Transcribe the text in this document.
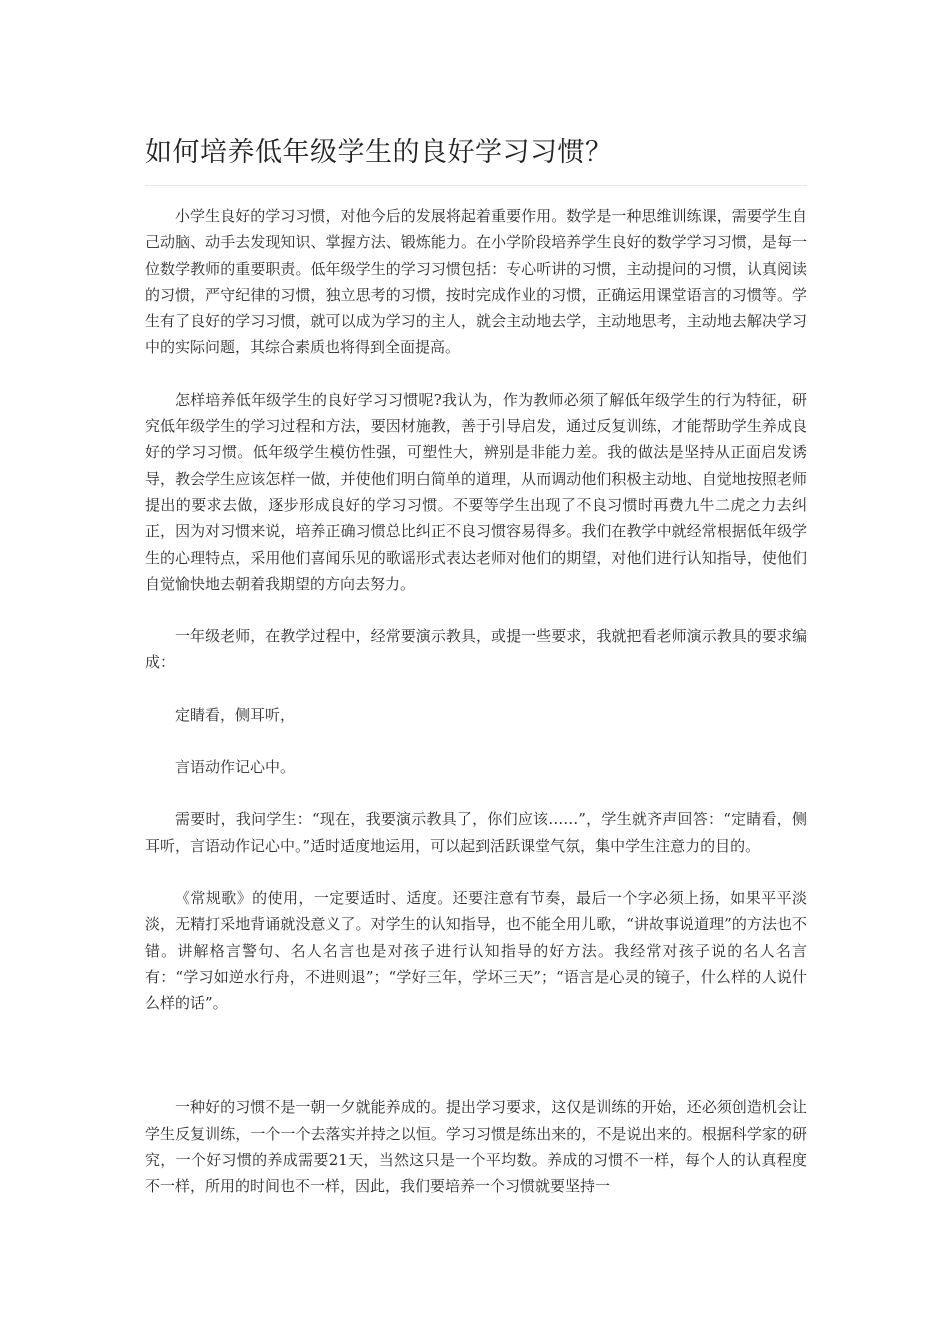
如何培养低年级学生的良好学习习惯？

小学生良好的学习习惯，对他今后的发展将起着重要作用。数学是一种思维训练课，需要学生自己动脑、动手去发现知识、掌握方法、锻炼能力。在小学阶段培养学生良好的数学学习习惯，是每一位数学教师的重要职责。低年级学生的学习习惯包括：专心听讲的习惯，主动提问的习惯，认真阅读的习惯，严守纪律的习惯，独立思考的习惯，按时完成作业的习惯，正确运用课堂语言的习惯等。学生有了良好的学习习惯，就可以成为学习的主人，就会主动地去学，主动地思考，主动地去解决学习中的实际问题，其综合素质也将得到全面提高。

怎样培养低年级学生的良好学习习惯呢?我认为，作为教师必须了解低年级学生的行为特征，研究低年级学生的学习过程和方法，要因材施教，善于引导启发，通过反复训练，才能帮助学生养成良好的学习习惯。低年级学生模仿性强，可塑性大，辨别是非能力差。我的做法是坚持从正面启发诱导，教会学生应该怎样一做，并使他们明白简单的道理，从而调动他们积极主动地、自觉地按照老师提出的要求去做，逐步形成良好的学习习惯。不要等学生出现了不良习惯时再费九牛二虎之力去纠正，因为对习惯来说，培养正确习惯总比纠正不良习惯容易得多。我们在教学中就经常根据低年级学生的心理特点，采用他们喜闻乐见的歌谣形式表达老师对他们的期望，对他们进行认知指导，使他们自觉愉快地去朝着我期望的方向去努力。

一年级老师，在教学过程中，经常要演示教具，或提一些要求，我就把看老师演示教具的要求编成：

定睛看，侧耳听，

言语动作记心中。

需要时，我问学生：“现在，我要演示教具了，你们应该……”，学生就齐声回答：“定睛看，侧耳听，言语动作记心中。”适时适度地运用，可以起到活跃课堂气氛，集中学生注意力的目的。

《常规歌》的使用，一定要适时、适度。还要注意有节奏，最后一个字必须上扬，如果平平淡淡，无精打采地背诵就没意义了。对学生的认知指导，也不能全用儿歌，“讲故事说道理”的方法也不错。讲解格言警句、名人名言也是对孩子进行认知指导的好方法。我经常对孩子说的名人名言有：“学习如逆水行舟，不进则退”；“学好三年，学坏三天”；“语言是心灵的镜子，什么样的人说什么样的话”。

一种好的习惯不是一朝一夕就能养成的。提出学习要求，这仅是训练的开始，还必须创造机会让学生反复训练，一个一个去落实并持之以恒。学习习惯是练出来的，不是说出来的。根据科学家的研究，一个好习惯的养成需要21天，当然这只是一个平均数。养成的习惯不一样，每个人的认真程度不一样，所用的时间也不一样，因此，我们要培养一个习惯就要坚持一
